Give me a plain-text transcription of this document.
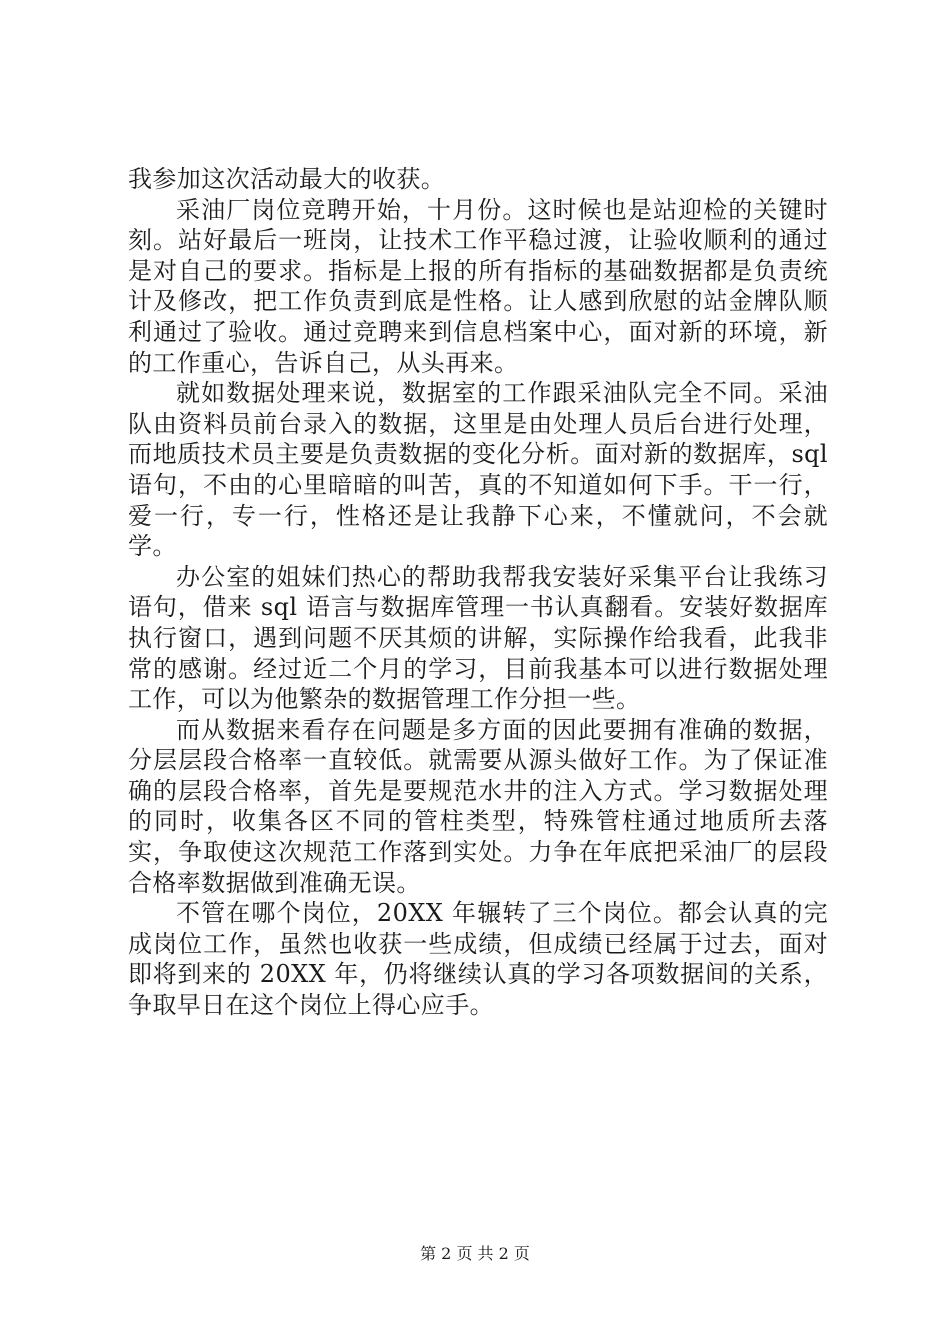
我参加这次活动最大的收获。

采油厂岗位竞聘开始，十月份。这时候也是站迎检的关键时刻。站好最后一班岗，让技术工作平稳过渡，让验收顺利的通过是对自己的要求。指标是上报的所有指标的基础数据都是负责统计及修改，把工作负责到底是性格。让人感到欣慰的站金牌队顺利通过了验收。通过竞聘来到信息档案中心，面对新的环境，新的工作重心，告诉自己，从头再来。

就如数据处理来说，数据室的工作跟采油队完全不同。采油队由资料员前台录入的数据，这里是由处理人员后台进行处理，而地质技术员主要是负责数据的变化分析。面对新的数据库，sql 语句，不由的心里暗暗的叫苦，真的不知道如何下手。干一行，爱一行，专一行，性格还是让我静下心来，不懂就问，不会就学。

办公室的姐妹们热心的帮助我帮我安装好采集平台让我练习语句，借来 sql 语言与数据库管理一书认真翻看。安装好数据库执行窗口，遇到问题不厌其烦的讲解，实际操作给我看，此我非常的感谢。经过近二个月的学习，目前我基本可以进行数据处理工作，可以为他繁杂的数据管理工作分担一些。

而从数据来看存在问题是多方面的因此要拥有准确的数据，分层层段合格率一直较低。就需要从源头做好工作。为了保证准确的层段合格率，首先是要规范水井的注入方式。学习数据处理的同时，收集各区不同的管柱类型，特殊管柱通过地质所去落实，争取使这次规范工作落到实处。力争在年底把采油厂的层段合格率数据做到准确无误。

不管在哪个岗位，20XX 年辗转了三个岗位。都会认真的完成岗位工作，虽然也收获一些成绩，但成绩已经属于过去，面对即将到来的 20XX 年，仍将继续认真的学习各项数据间的关系，争取早日在这个岗位上得心应手。

第 2 页 共 2 页
